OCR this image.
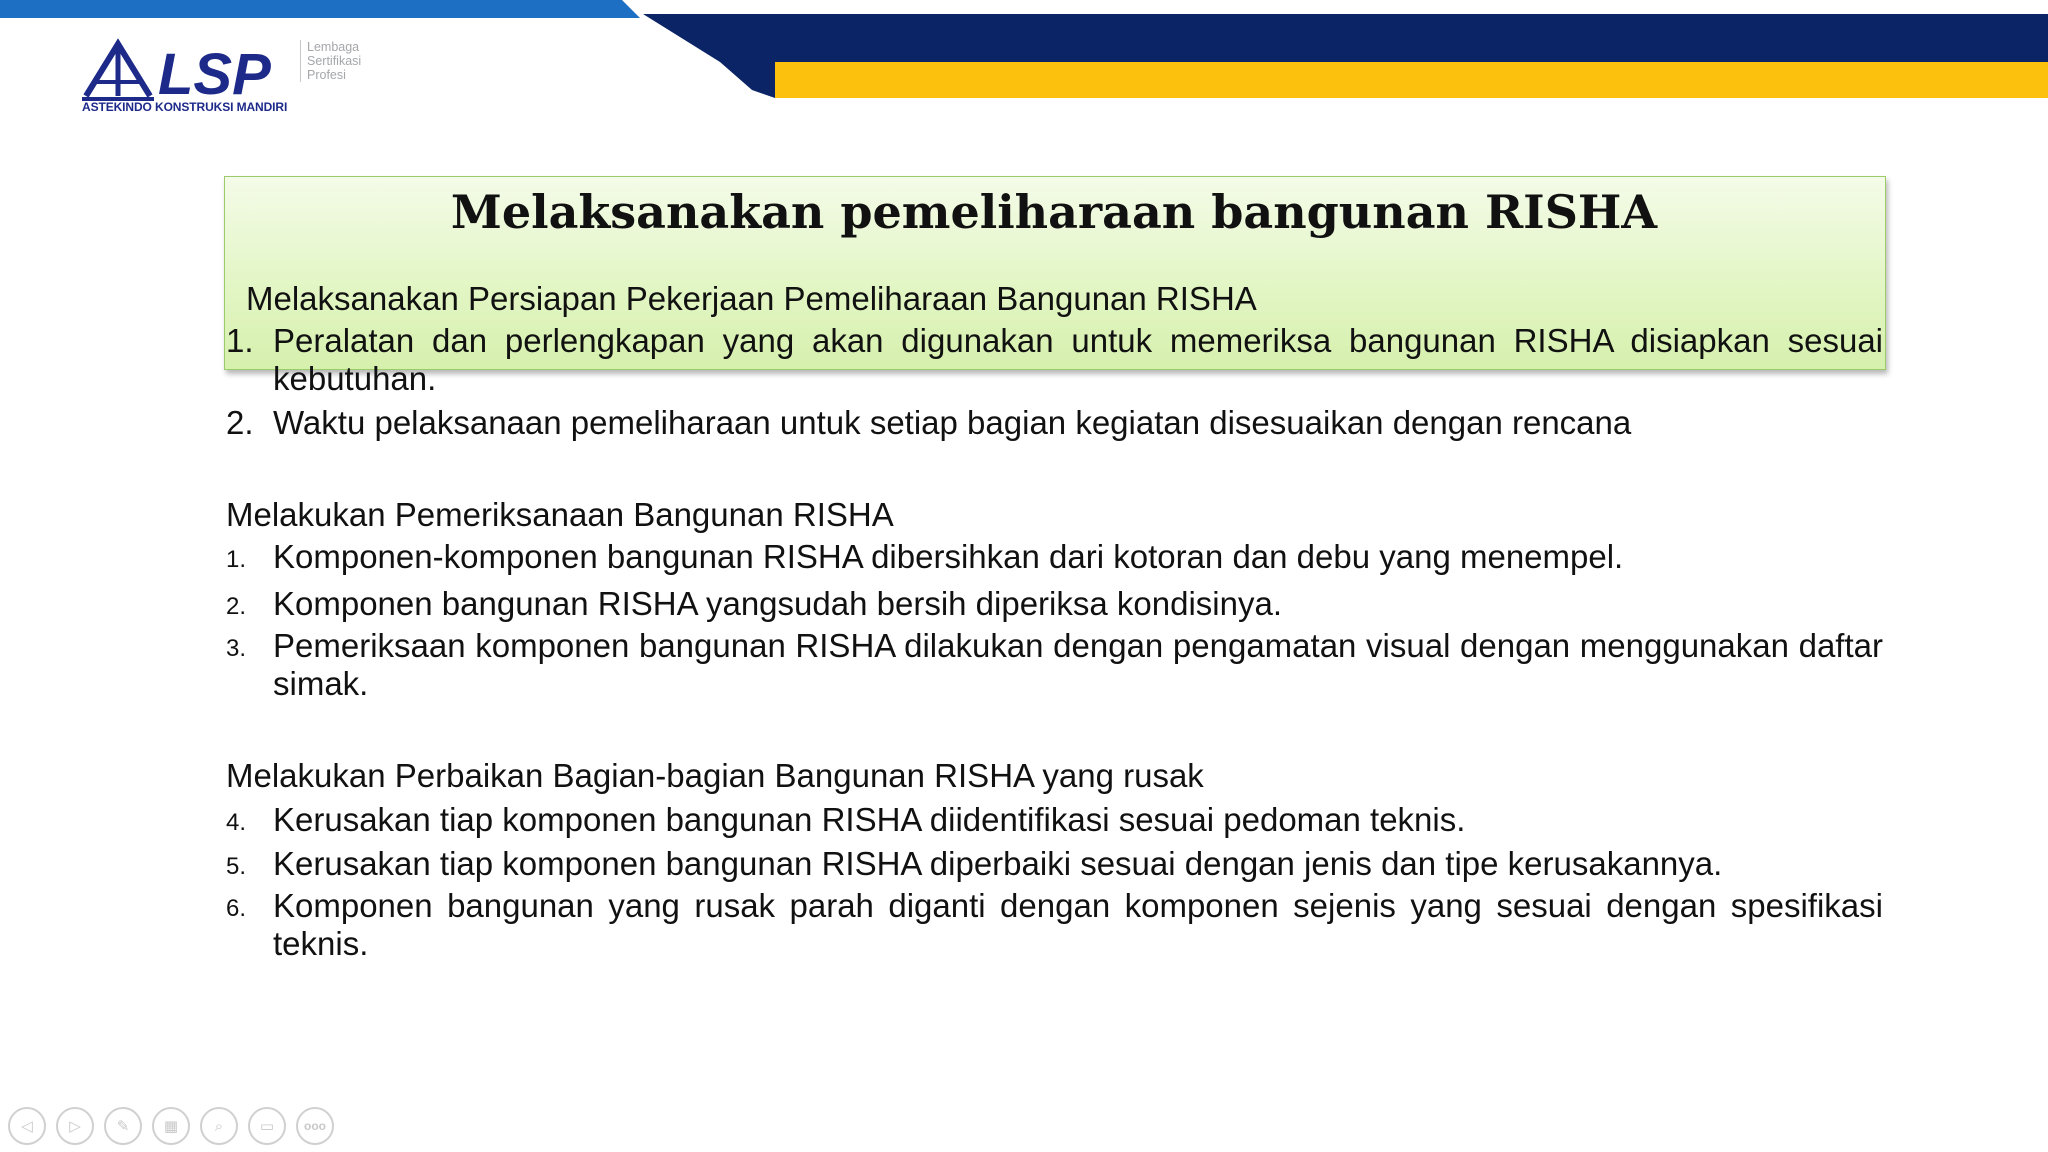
LSP
ASTEKINDO KONSTRUKSI MANDIRI
Lembaga
Sertifikasi
Profesi
Melaksanakan pemeliharaan bangunan RISHA
Melaksanakan Persiapan Pekerjaan Pemeliharaan Bangunan RISHA
1. Peralatan dan perlengkapan yang akan digunakan untuk memeriksa bangunan RISHA disiapkan sesuai kebutuhan.
2. Waktu pelaksanaan pemeliharaan untuk setiap bagian kegiatan disesuaikan dengan rencana
Melakukan Pemeriksanaan Bangunan RISHA
1. Komponen-komponen bangunan RISHA dibersihkan dari kotoran dan debu yang menempel.
2. Komponen bangunan RISHA yangsudah bersih diperiksa kondisinya.
3. Pemeriksaan komponen bangunan RISHA dilakukan dengan pengamatan visual dengan menggunakan daftar simak.
Melakukan Perbaikan Bagian-bagian Bangunan RISHA yang rusak
4. Kerusakan tiap komponen bangunan RISHA diidentifikasi sesuai pedoman teknis.
5. Kerusakan tiap komponen bangunan RISHA diperbaiki sesuai dengan jenis dan tipe kerusakannya.
6. Komponen bangunan yang rusak parah diganti dengan komponen sejenis yang sesuai dengan spesifikasi teknis.
◁	▷	✎	▦	⌕	▭	ooo
